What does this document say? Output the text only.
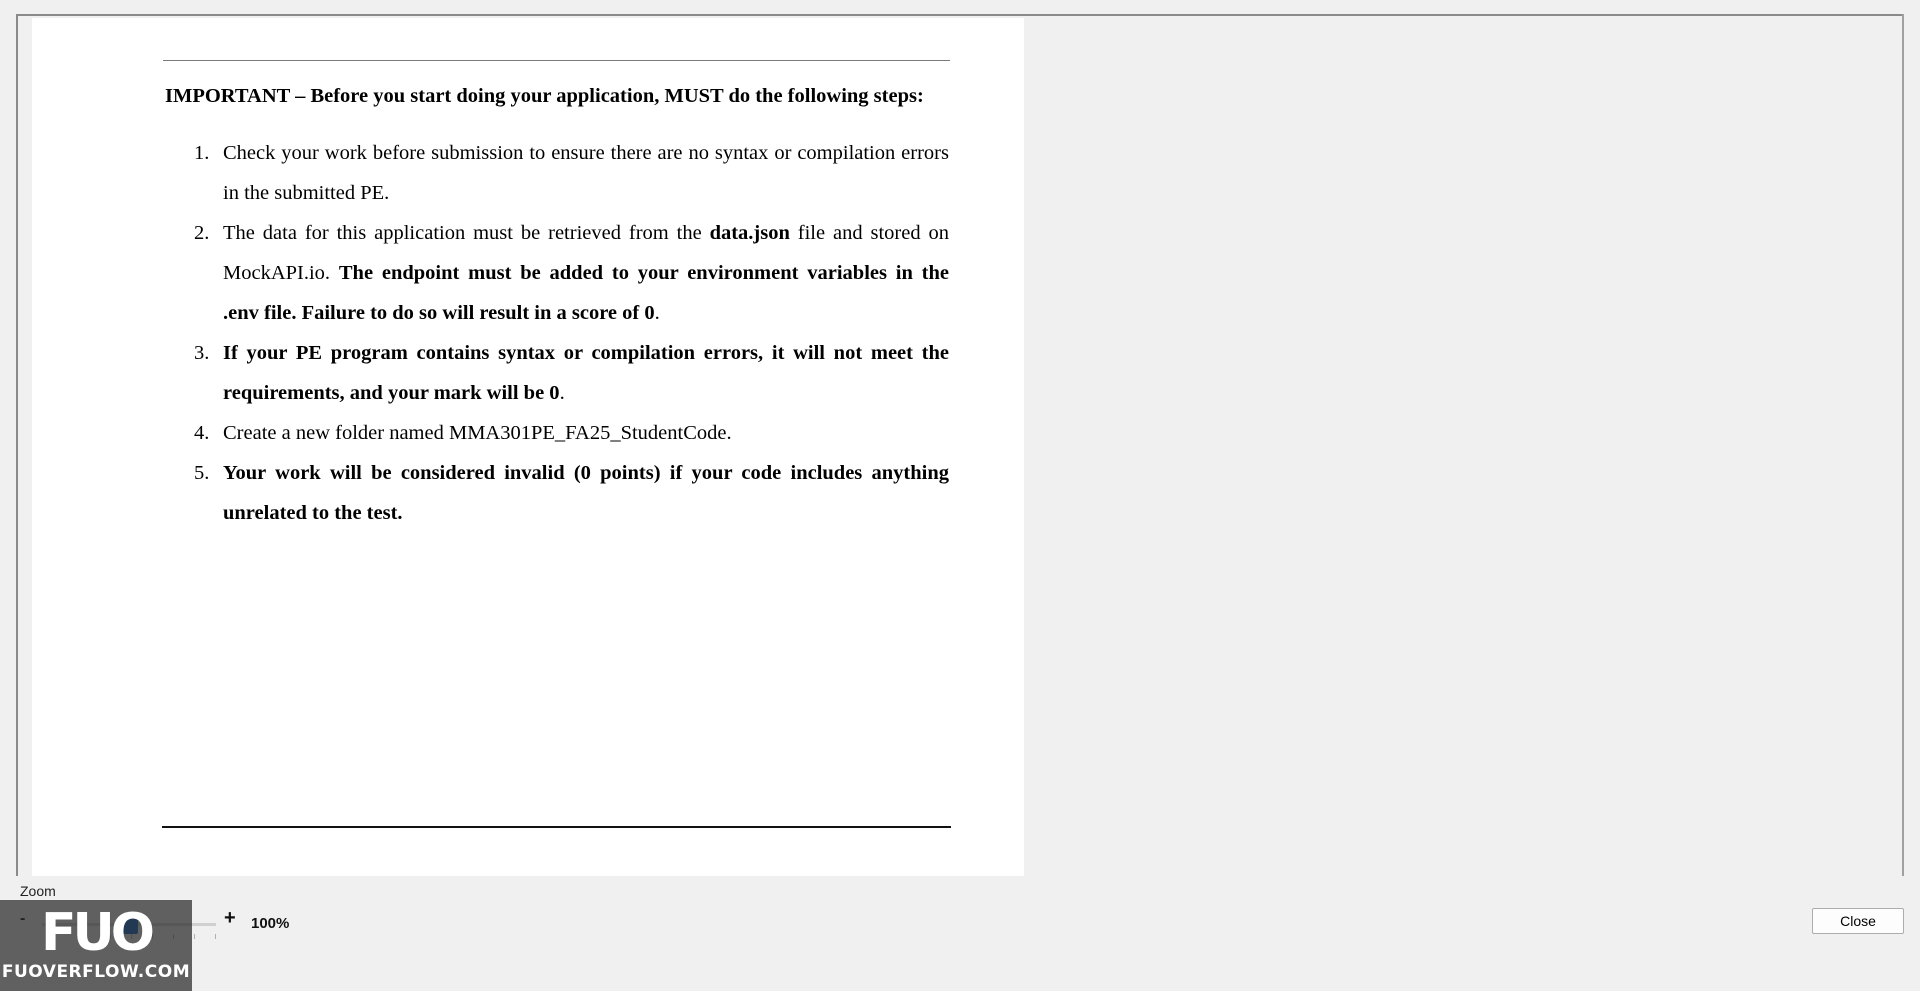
IMPORTANT – Before you start doing your application, MUST do the following steps:

1. Check your work before submission to ensure there are no syntax or compilation errors in the submitted PE.
2. The data for this application must be retrieved from the data.json file and stored on MockAPI.io. The endpoint must be added to your environment variables in the .env file. Failure to do so will result in a score of 0.
3. If your PE program contains syntax or compilation errors, it will not meet the requirements, and your mark will be 0.
4. Create a new folder named MMA301PE_FA25_StudentCode.
5. Your work will be considered invalid (0 points) if your code includes anything unrelated to the test.
Zoom
+ 100%	Close
FUO
FUOVERFLOW.COM
